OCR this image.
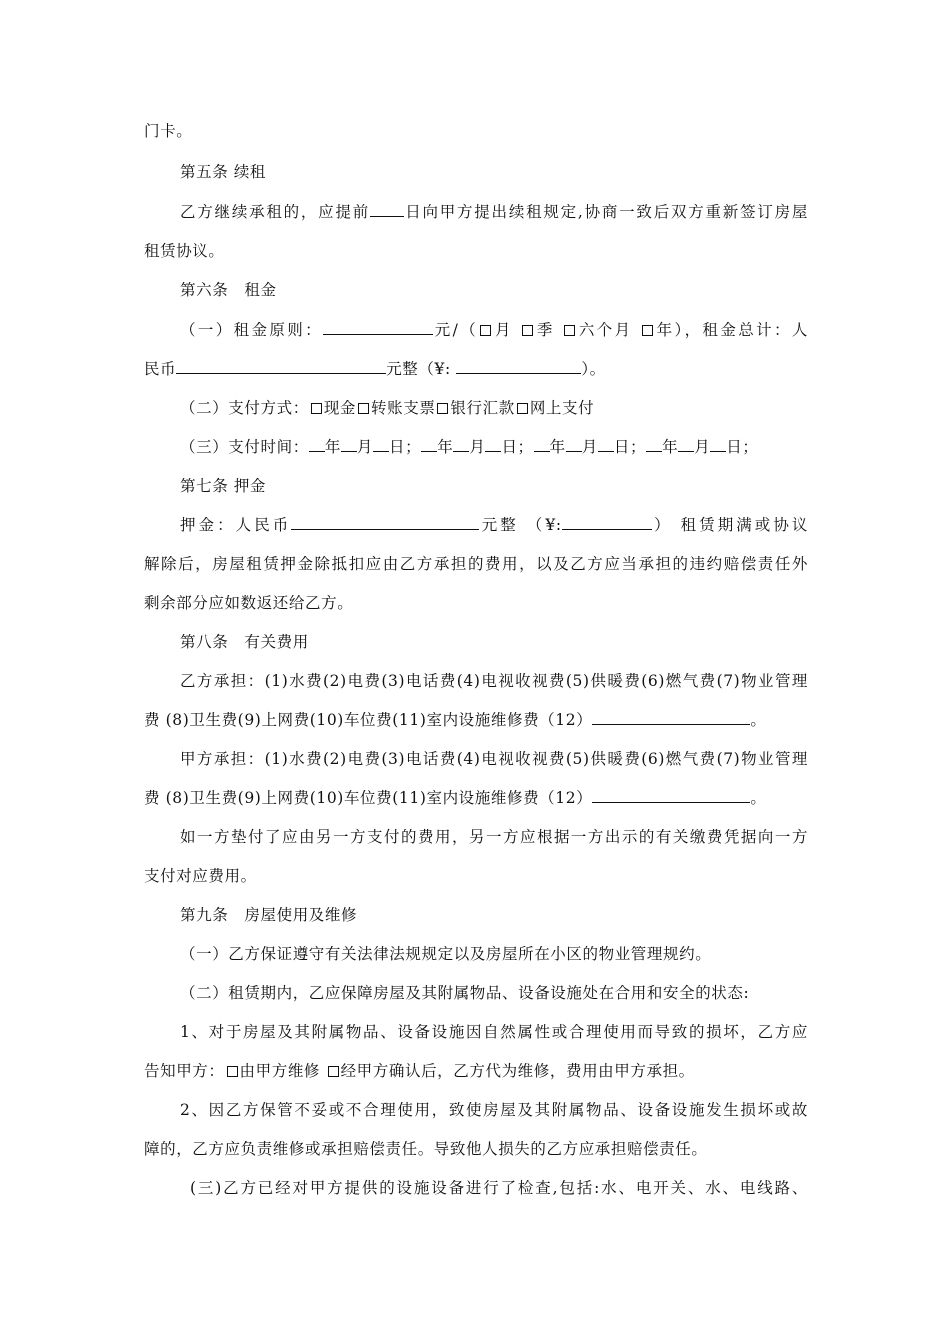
门卡。
第五条 续租
乙方继续承租的，应提前 日向甲方提出续租规定,协商一致后双方重新签订房屋
租赁协议。
第六条　租金
（一）租金原则：	元/（ 月 季 六个月 年），租金总计：人
民币	元整（¥:	）。
（二）支付方式： 现金 转账支票 银行汇款 网上支付
（三）支付时间： 年 月 日； 年 月 日； 年 月 日； 年 月 日；
第七条 押金
押金：人民币	元整 （¥:	） 租赁期满或协议
解除后，房屋租赁押金除抵扣应由乙方承担的费用，以及乙方应当承担的违约赔偿责任外
剩余部分应如数返还给乙方。
第八条　有关费用
乙方承担：(1)水费(2)电费(3)电话费(4)电视收视费(5)供暖费(6)燃气费(7)物业管理
费 (8)卫生费(9)上网费(10)车位费(11)室内设施维修费（12）	。
甲方承担：(1)水费(2)电费(3)电话费(4)电视收视费(5)供暖费(6)燃气费(7)物业管理
费 (8)卫生费(9)上网费(10)车位费(11)室内设施维修费（12）	。
如一方垫付了应由另一方支付的费用，另一方应根据一方出示的有关缴费凭据向一方
支付对应费用。
第九条　房屋使用及维修
（一）乙方保证遵守有关法律法规规定以及房屋所在小区的物业管理规约。
（二）租赁期内，乙应保障房屋及其附属物品、设备设施处在合用和安全的状态:
1、对于房屋及其附属物品、设备设施因自然属性或合理使用而导致的损坏，乙方应
告知甲方： 由甲方维修 经甲方确认后，乙方代为维修，费用由甲方承担。
2、因乙方保管不妥或不合理使用，致使房屋及其附属物品、设备设施发生损坏或故
障的，乙方应负责维修或承担赔偿责任。导致他人损失的乙方应承担赔偿责任。
(三)乙方已经对甲方提供的设施设备进行了检查,包括:水、电开关、水、电线路、
